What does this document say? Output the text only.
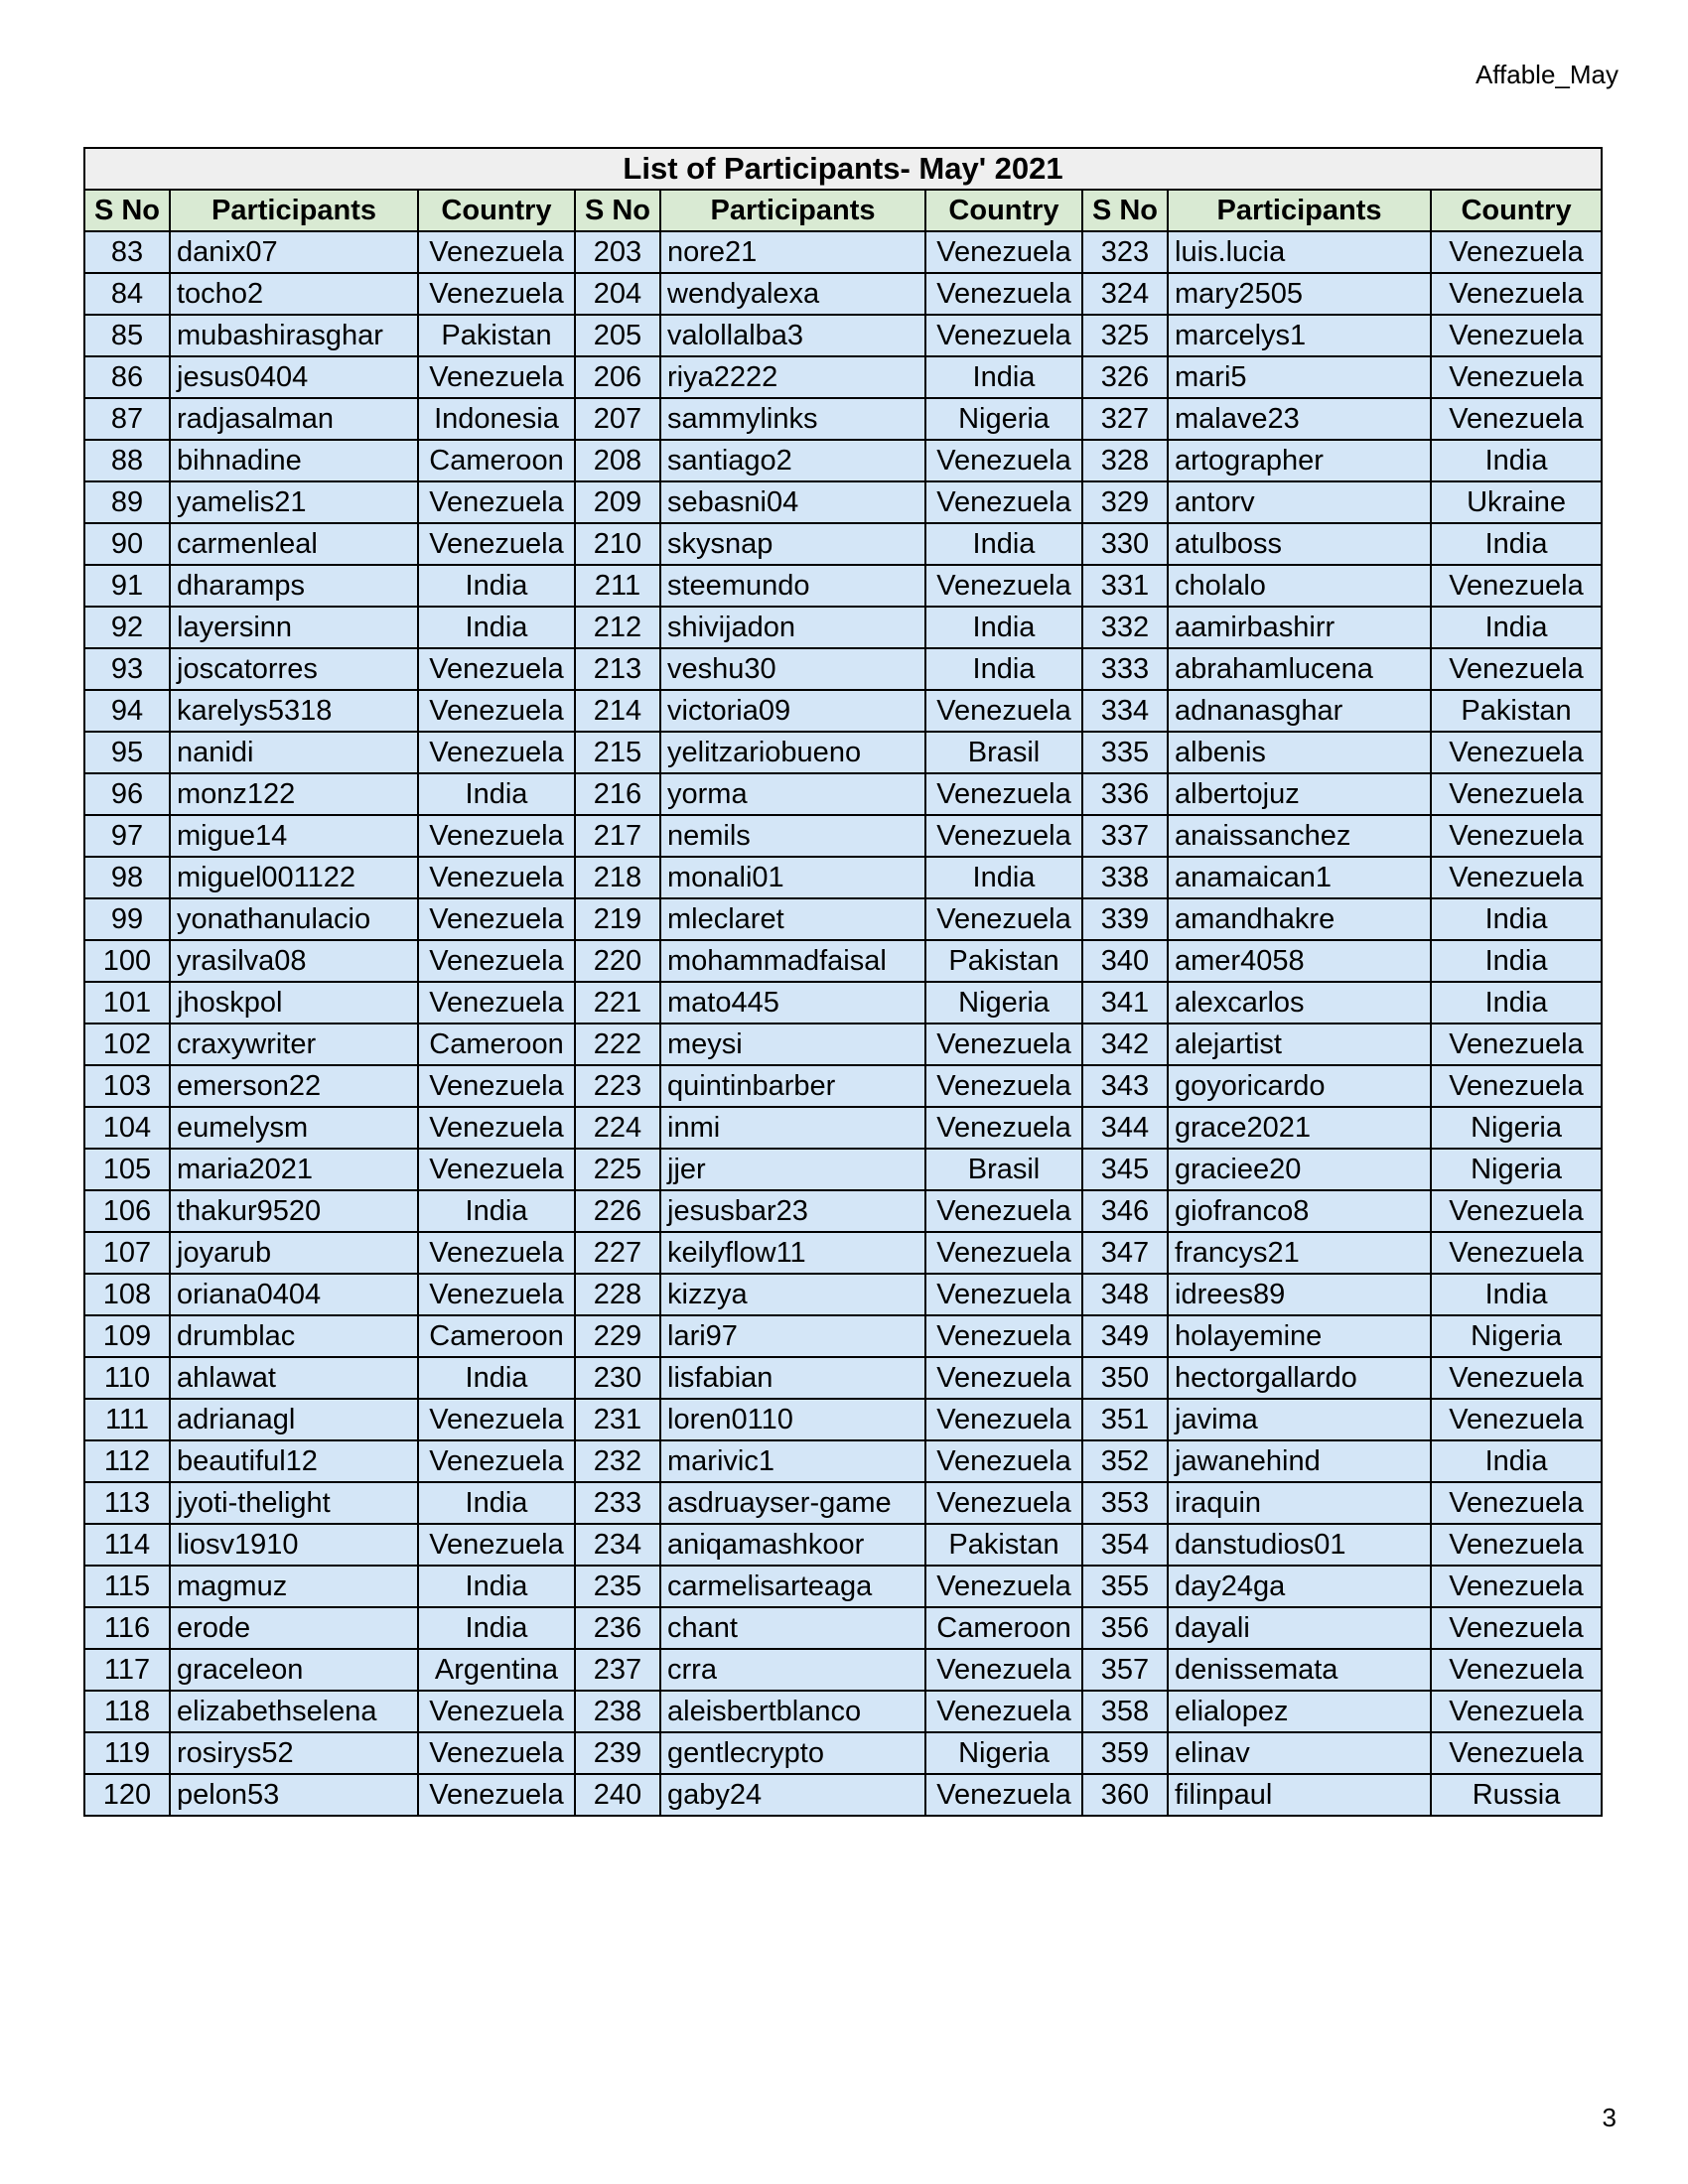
Affable_May
List of Participants- May' 2021								
S No	Participants	Country	S No	Participants	Country	S No	Participants	Country
83	danix07	Venezuela	203	nore21	Venezuela	323	luis.lucia	Venezuela
84	tocho2	Venezuela	204	wendyalexa	Venezuela	324	mary2505	Venezuela
85	mubashirasghar	Pakistan	205	valollalba3	Venezuela	325	marcelys1	Venezuela
86	jesus0404	Venezuela	206	riya2222	India	326	mari5	Venezuela
87	radjasalman	Indonesia	207	sammylinks	Nigeria	327	malave23	Venezuela
88	bihnadine	Cameroon	208	santiago2	Venezuela	328	artographer	India
89	yamelis21	Venezuela	209	sebasni04	Venezuela	329	antorv	Ukraine
90	carmenleal	Venezuela	210	skysnap	India	330	atulboss	India
91	dharamps	India	211	steemundo	Venezuela	331	cholalo	Venezuela
92	layersinn	India	212	shivijadon	India	332	aamirbashirr	India
93	joscatorres	Venezuela	213	veshu30	India	333	abrahamlucena	Venezuela
94	karelys5318	Venezuela	214	victoria09	Venezuela	334	adnanasghar	Pakistan
95	nanidi	Venezuela	215	yelitzariobueno	Brasil	335	albenis	Venezuela
96	monz122	India	216	yorma	Venezuela	336	albertojuz	Venezuela
97	migue14	Venezuela	217	nemils	Venezuela	337	anaissanchez	Venezuela
98	miguel001122	Venezuela	218	monali01	India	338	anamaican1	Venezuela
99	yonathanulacio	Venezuela	219	mleclaret	Venezuela	339	amandhakre	India
100	yrasilva08	Venezuela	220	mohammadfaisal	Pakistan	340	amer4058	India
101	jhoskpol	Venezuela	221	mato445	Nigeria	341	alexcarlos	India
102	craxywriter	Cameroon	222	meysi	Venezuela	342	alejartist	Venezuela
103	emerson22	Venezuela	223	quintinbarber	Venezuela	343	goyoricardo	Venezuela
104	eumelysm	Venezuela	224	inmi	Venezuela	344	grace2021	Nigeria
105	maria2021	Venezuela	225	jjer	Brasil	345	graciee20	Nigeria
106	thakur9520	India	226	jesusbar23	Venezuela	346	giofranco8	Venezuela
107	joyarub	Venezuela	227	keilyflow11	Venezuela	347	francys21	Venezuela
108	oriana0404	Venezuela	228	kizzya	Venezuela	348	idrees89	India
109	drumblac	Cameroon	229	lari97	Venezuela	349	holayemine	Nigeria
110	ahlawat	India	230	lisfabian	Venezuela	350	hectorgallardo	Venezuela
111	adrianagl	Venezuela	231	loren0110	Venezuela	351	javima	Venezuela
112	beautiful12	Venezuela	232	marivic1	Venezuela	352	jawanehind	India
113	jyoti-thelight	India	233	asdruayser-game	Venezuela	353	iraquin	Venezuela
114	liosv1910	Venezuela	234	aniqamashkoor	Pakistan	354	danstudios01	Venezuela
115	magmuz	India	235	carmelisarteaga	Venezuela	355	day24ga	Venezuela
116	erode	India	236	chant	Cameroon	356	dayali	Venezuela
117	graceleon	Argentina	237	crra	Venezuela	357	denissemata	Venezuela
118	elizabethselena	Venezuela	238	aleisbertblanco	Venezuela	358	elialopez	Venezuela
119	rosirys52	Venezuela	239	gentlecrypto	Nigeria	359	elinav	Venezuela
120	pelon53	Venezuela	240	gaby24	Venezuela	360	filinpaul	Russia
3
